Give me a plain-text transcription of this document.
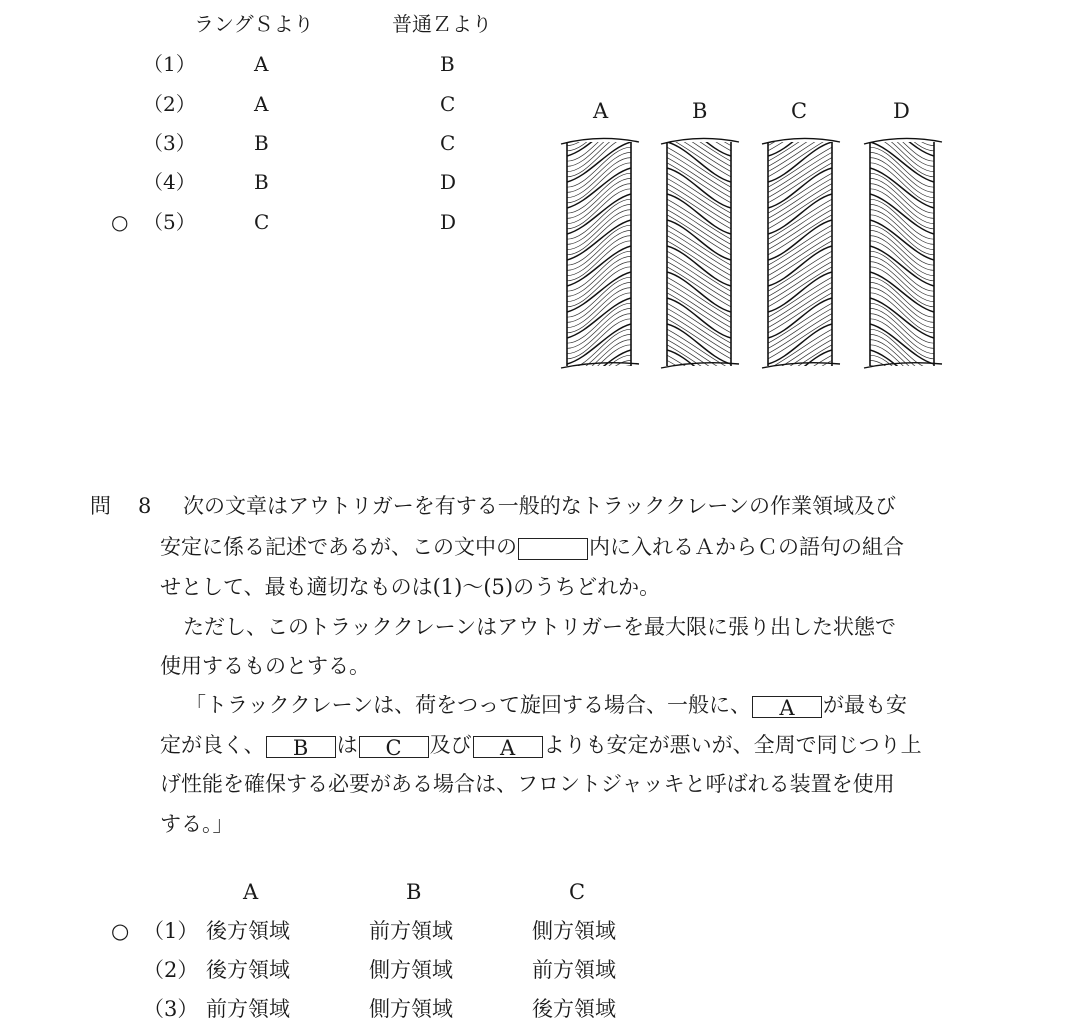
ラングＳより	普通Ｚより
（1）	A	B
（2）	A	C
（3）	B	C
（4）	B	D
○ （5）	C	D
A	B	C	D
問 8 次の文章はアウトリガーを有する一般的なトラッククレーンの作業領域及び
安定に係る記述であるが、この文中の	内に入れるＡからＣの語句の組合
せとして、最も適切なものは(1)～(5)のうちどれか。
ただし、このトラッククレーンはアウトリガーを最大限に張り出した状態で
使用するものとする。
「トラッククレーンは、荷をつって旋回する場合、一般に、 A が最も安
定が良く、 B は C 及び A よりも安定が悪いが、全周で同じつり上
げ性能を確保する必要がある場合は、フロントジャッキと呼ばれる装置を使用
する。」
A	B	C
○ （1） 後方領域	前方領域	側方領域
（2） 後方領域	側方領域	前方領域
（3） 前方領域	側方領域	後方領域
